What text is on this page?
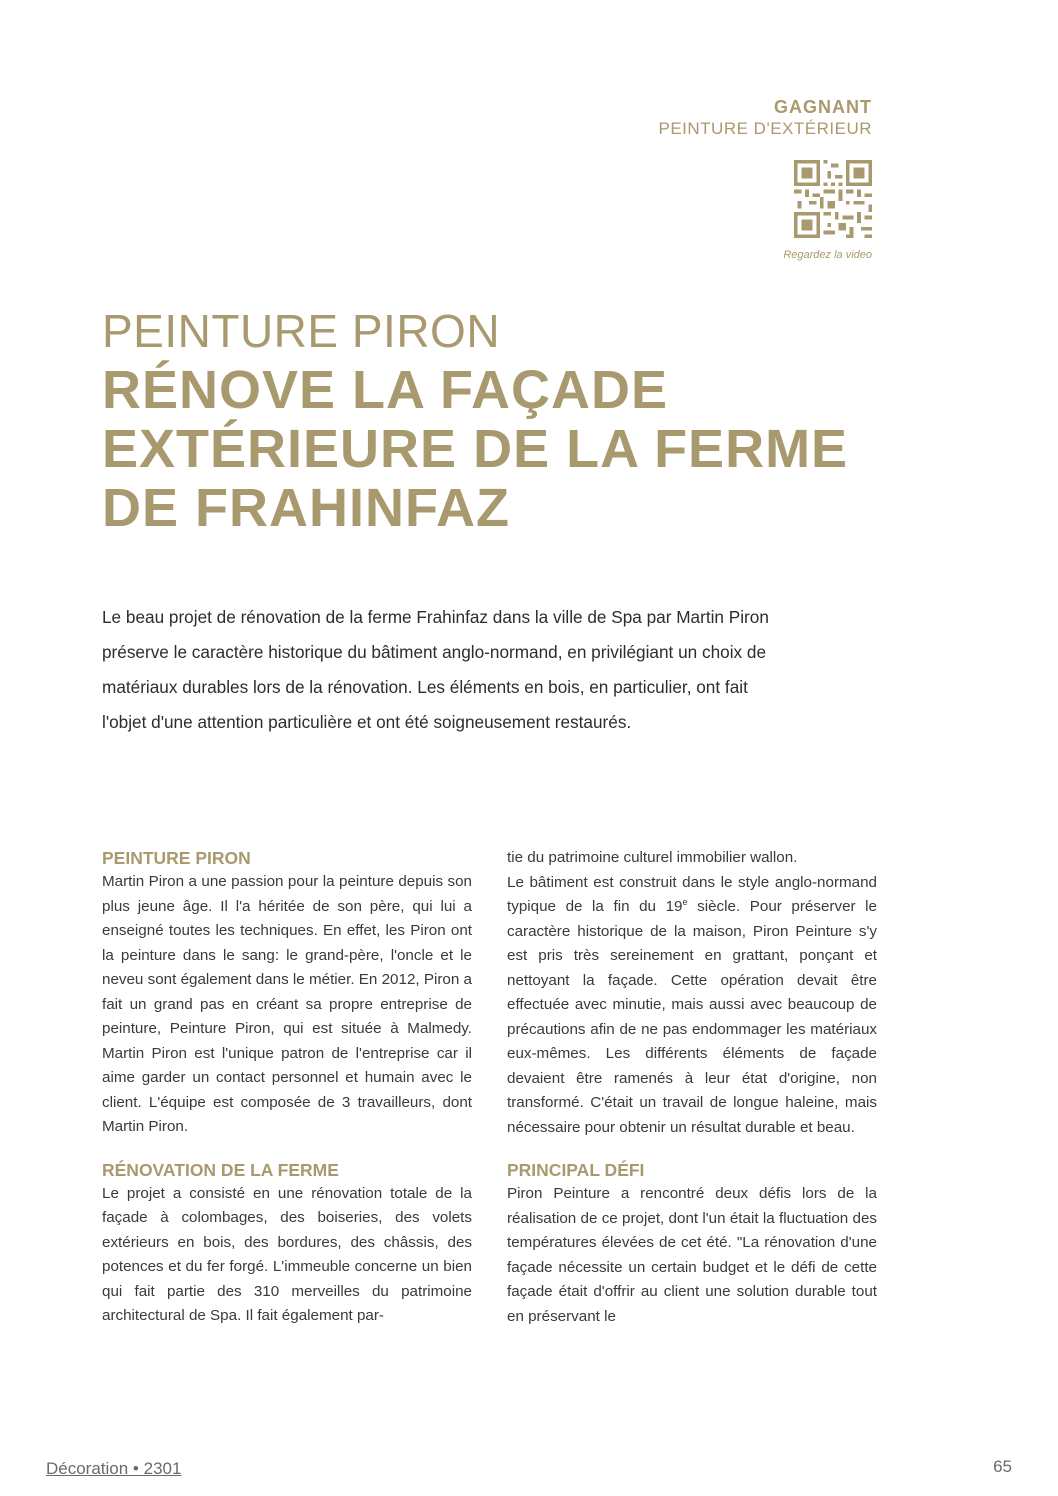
GAGNANT
PEINTURE D'EXTÉRIEUR
Regardez la video
PEINTURE PIRON
RÉNOVE LA FAÇADE
EXTÉRIEURE DE LA FERME
DE FRAHINFAZ
Le beau projet de rénovation de la ferme Frahinfaz dans la ville de Spa par Martin Piron préserve le caractère historique du bâtiment anglo-normand, en privilégiant un choix de matériaux durables lors de la rénovation. Les éléments en bois, en particulier, ont fait l'objet d'une attention particulière et ont été soigneusement restaurés.
PEINTURE PIRON

Martin Piron a une passion pour la peinture depuis son plus jeune âge. Il l'a héritée de son père, qui lui a enseigné toutes les techniques. En effet, les Piron ont la peinture dans le sang: le grand-père, l'oncle et le neveu sont également dans le métier. En 2012, Piron a fait un grand pas en créant sa propre entreprise de peinture, Peinture Piron, qui est située à Malmedy. Martin Piron est l'unique patron de l'entreprise car il aime garder un contact personnel et humain avec le client. L'équipe est composée de 3 travailleurs, dont Martin Piron.

RÉNOVATION DE LA FERME

Le projet a consisté en une rénovation totale de la façade à colombages, des boiseries, des volets extérieurs en bois, des bordures, des châssis, des potences et du fer forgé. L'immeuble concerne un bien qui fait partie des 310 merveilles du patrimoine architectural de Spa. Il fait également par-

tie du patrimoine culturel immobilier wallon.

Le bâtiment est construit dans le style anglo-normand typique de la fin du 19e siècle. Pour préserver le caractère historique de la maison, Piron Peinture s'y est pris très sereinement en grattant, ponçant et nettoyant la façade. Cette opération devait être effectuée avec minutie, mais aussi avec beaucoup de précautions afin de ne pas endommager les matériaux eux-mêmes. Les différents éléments de façade devaient être ramenés à leur état d'origine, non transformé. C'était un travail de longue haleine, mais nécessaire pour obtenir un résultat durable et beau.

PRINCIPAL DÉFI

Piron Peinture a rencontré deux défis lors de la réalisation de ce projet, dont l'un était la fluctuation des températures élevées de cet été. "La rénovation d'une façade nécessite un certain budget et le défi de cette façade était d'offrir au client une solution durable tout en préservant le

Décoration • 2301	65
